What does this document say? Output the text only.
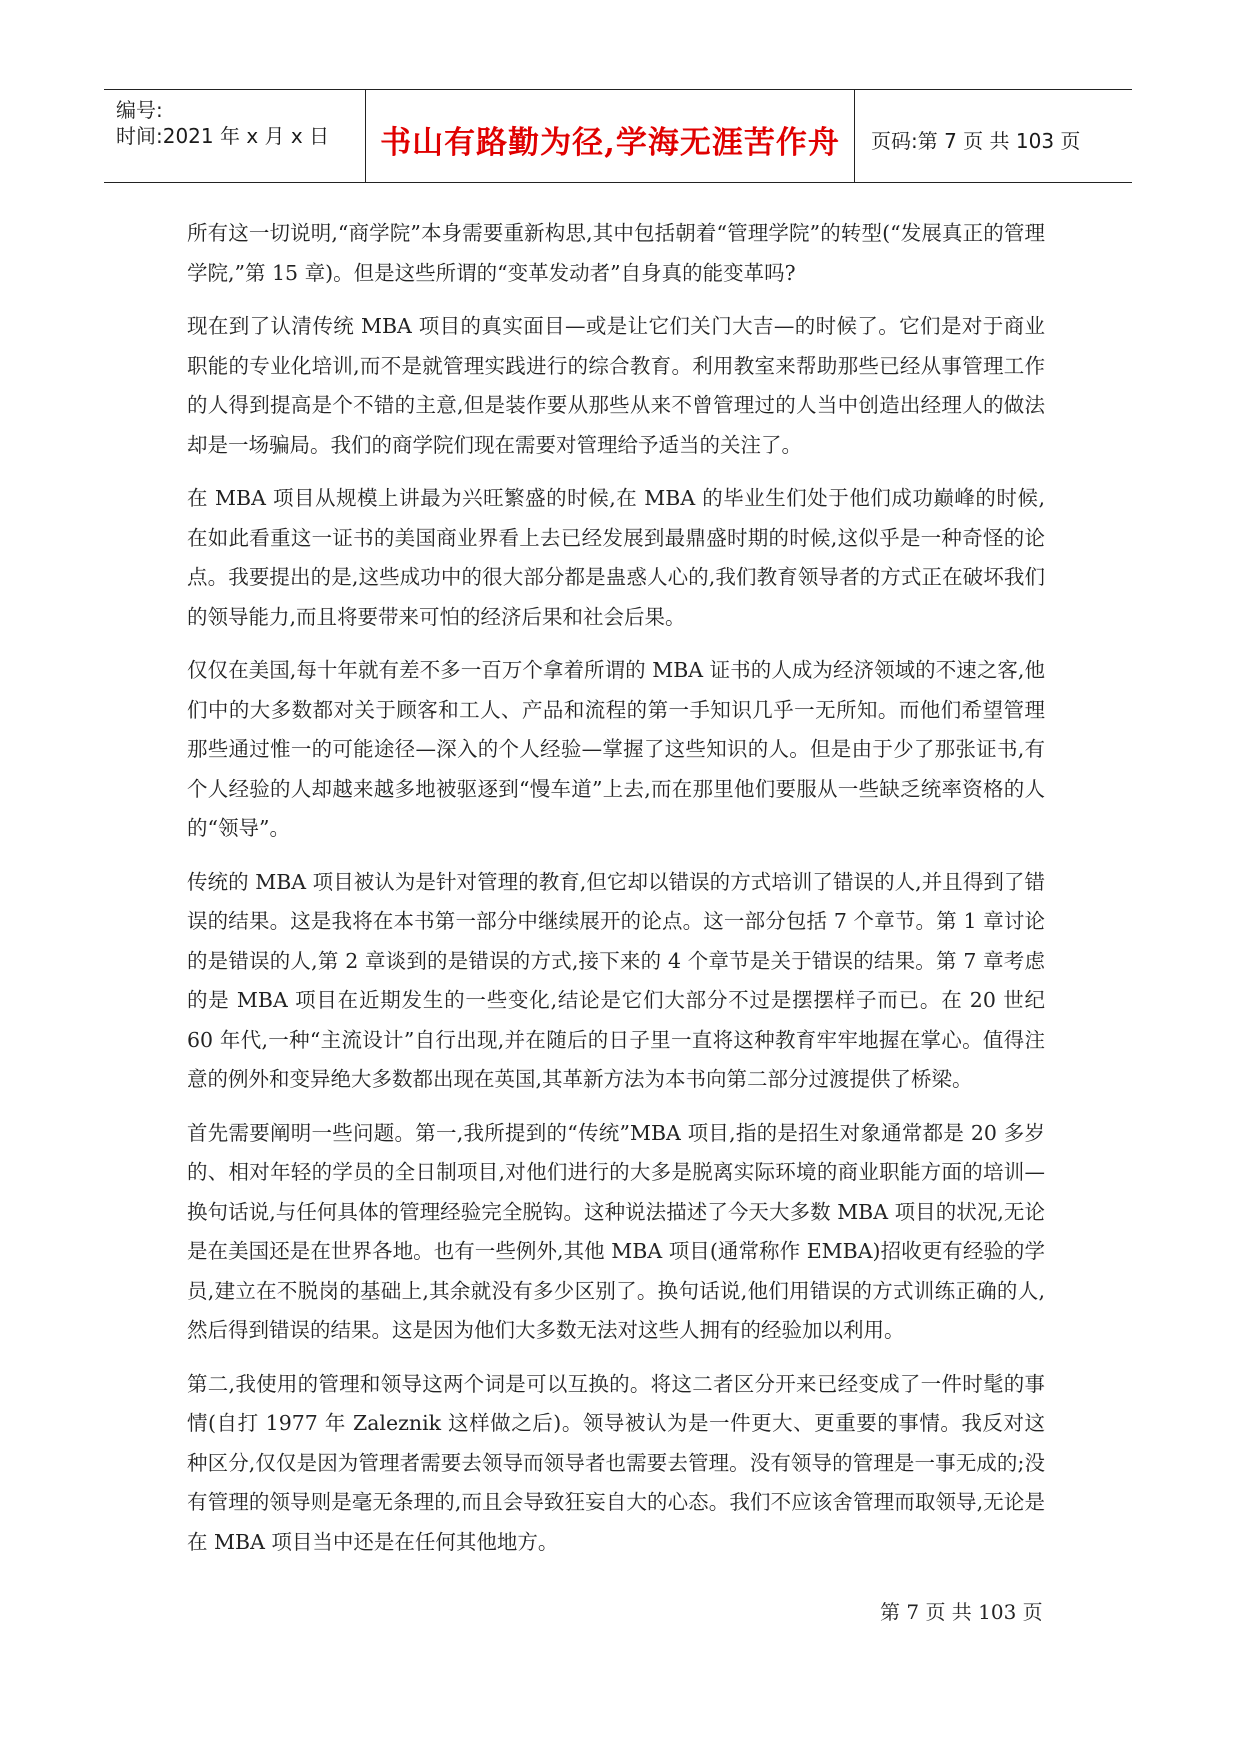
编号:
时间:2021 年 x 月 x 日 书山有路勤为径,学海无涯苦作舟 页码:第 7 页 共 103 页

所有这一切说明,“商学院”本身需要重新构思,其中包括朝着“管理学院”的转型(“发展真正的管理学院,”第 15 章)。但是这些所谓的“变革发动者”自身真的能变革吗?

现在到了认清传统 MBA 项目的真实面目—或是让它们关门大吉—的时候了。它们是对于商业职能的专业化培训,而不是就管理实践进行的综合教育。利用教室来帮助那些已经从事管理工作的人得到提高是个不错的主意,但是装作要从那些从来不曾管理过的人当中创造出经理人的做法却是一场骗局。我们的商学院们现在需要对管理给予适当的关注了。

在 MBA 项目从规模上讲最为兴旺繁盛的时候,在 MBA 的毕业生们处于他们成功巅峰的时候,在如此看重这一证书的美国商业界看上去已经发展到最鼎盛时期的时候,这似乎是一种奇怪的论点。我要提出的是,这些成功中的很大部分都是蛊惑人心的,我们教育领导者的方式正在破坏我们的领导能力,而且将要带来可怕的经济后果和社会后果。

仅仅在美国,每十年就有差不多一百万个拿着所谓的 MBA 证书的人成为经济领域的不速之客,他们中的大多数都对关于顾客和工人、产品和流程的第一手知识几乎一无所知。而他们希望管理那些通过惟一的可能途径—深入的个人经验—掌握了这些知识的人。但是由于少了那张证书,有个人经验的人却越来越多地被驱逐到“慢车道”上去,而在那里他们要服从一些缺乏统率资格的人的“领导”。

传统的 MBA 项目被认为是针对管理的教育,但它却以错误的方式培训了错误的人,并且得到了错误的结果。这是我将在本书第一部分中继续展开的论点。这一部分包括 7 个章节。第 1 章讨论的是错误的人,第 2 章谈到的是错误的方式,接下来的 4 个章节是关于错误的结果。第 7 章考虑的是 MBA 项目在近期发生的一些变化,结论是它们大部分不过是摆摆样子而已。在 20 世纪 60 年代,一种“主流设计”自行出现,并在随后的日子里一直将这种教育牢牢地握在掌心。值得注意的例外和变异绝大多数都出现在英国,其革新方法为本书向第二部分过渡提供了桥梁。

首先需要阐明一些问题。第一,我所提到的“传统”MBA 项目,指的是招生对象通常都是 20 多岁的、相对年轻的学员的全日制项目,对他们进行的大多是脱离实际环境的商业职能方面的培训—换句话说,与任何具体的管理经验完全脱钩。这种说法描述了今天大多数 MBA 项目的状况,无论是在美国还是在世界各地。也有一些例外,其他 MBA 项目(通常称作 EMBA)招收更有经验的学员,建立在不脱岗的基础上,其余就没有多少区别了。换句话说,他们用错误的方式训练正确的人,然后得到错误的结果。这是因为他们大多数无法对这些人拥有的经验加以利用。

第二,我使用的管理和领导这两个词是可以互换的。将这二者区分开来已经变成了一件时髦的事情(自打 1977 年 Zaleznik 这样做之后)。领导被认为是一件更大、更重要的事情。我反对这种区分,仅仅是因为管理者需要去领导而领导者也需要去管理。没有领导的管理是一事无成的;没有管理的领导则是毫无条理的,而且会导致狂妄自大的心态。我们不应该舍管理而取领导,无论是在 MBA 项目当中还是在任何其他地方。

第 7 页 共 103 页
